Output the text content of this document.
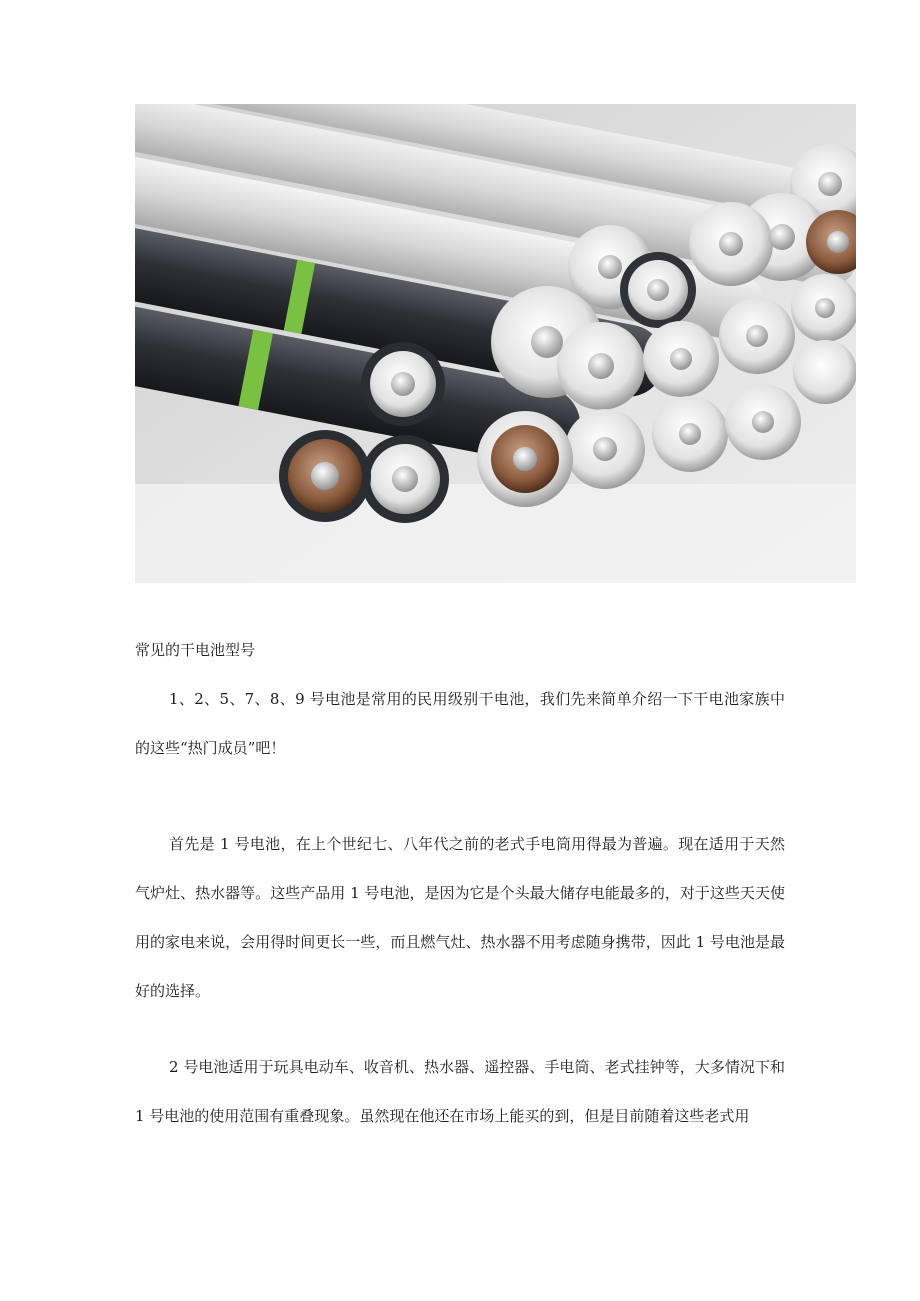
常见的干电池型号

1、2、5、7、8、9 号电池是常用的民用级别干电池，我们先来简单介绍一下干电池家族中的这些“热门成员”吧！

首先是 1 号电池，在上个世纪七、八年代之前的老式手电筒用得最为普遍。现在适用于天然气炉灶、热水器等。这些产品用 1 号电池，是因为它是个头最大储存电能最多的，对于这些天天使用的家电来说，会用得时间更长一些，而且燃气灶、热水器不用考虑随身携带，因此 1 号电池是最好的选择。

2 号电池适用于玩具电动车、收音机、热水器、遥控器、手电筒、老式挂钟等，大多情况下和 1 号电池的使用范围有重叠现象。虽然现在他还在市场上能买的到，但是目前随着这些老式用
